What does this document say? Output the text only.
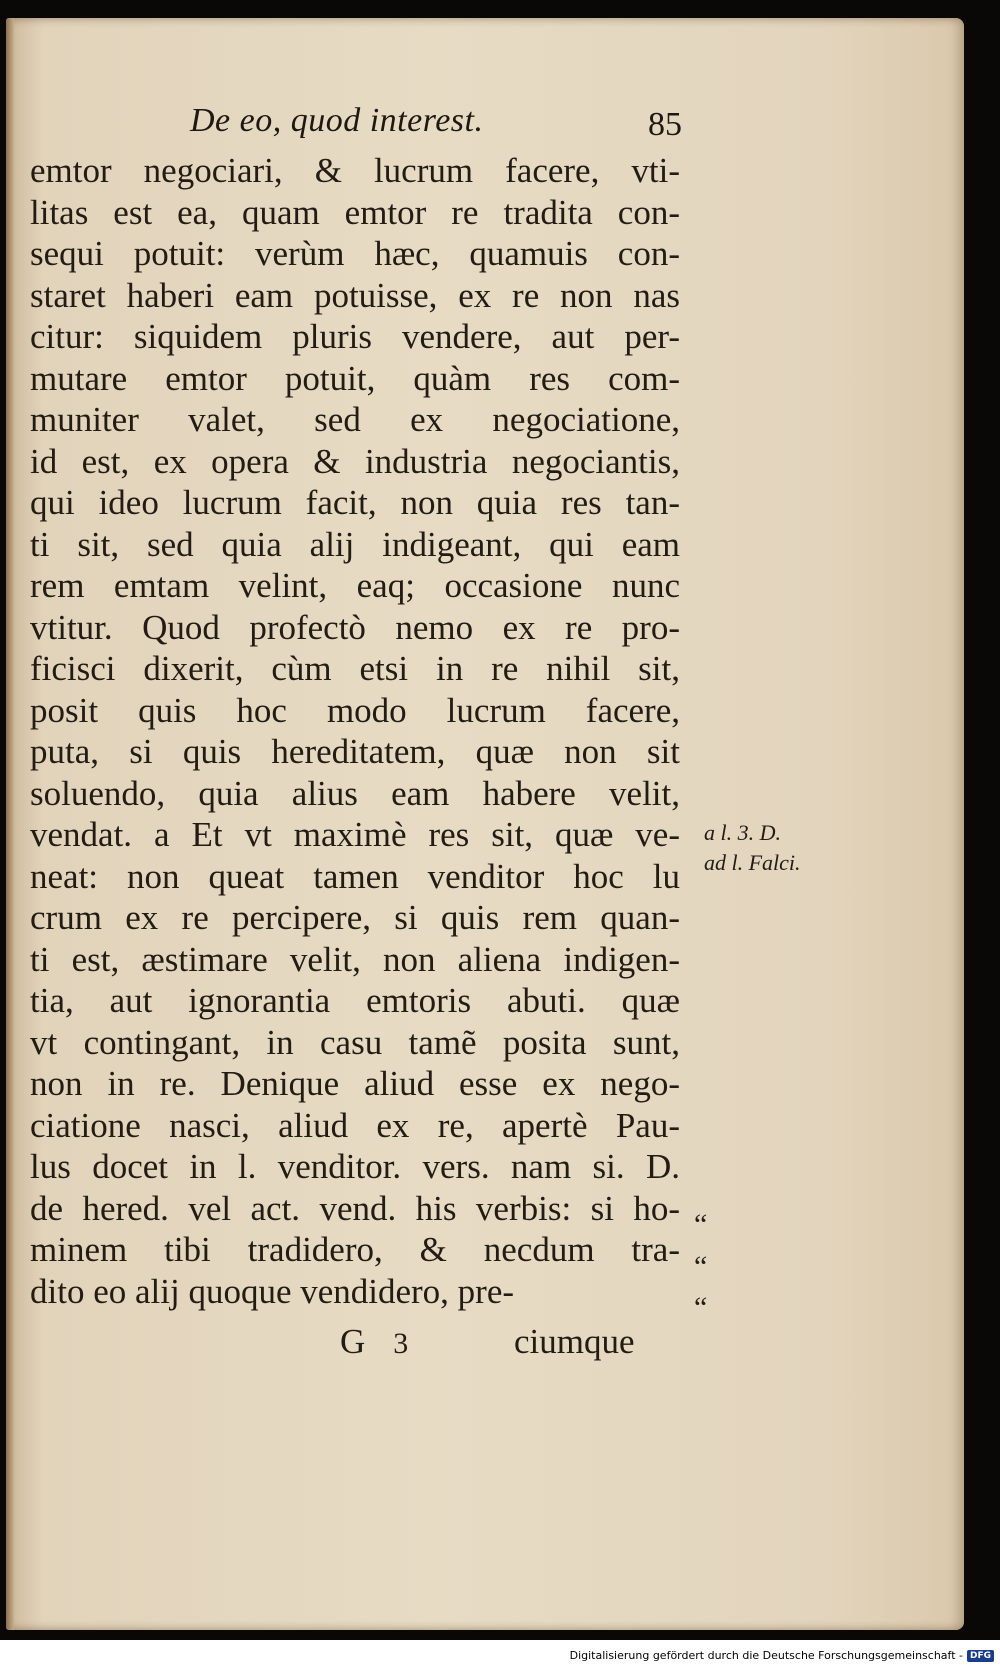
De eo, quod interest.	85
emtor negociari, & lucrum facere, vti-
litas est ea, quam emtor re tradita con-
sequi potuit: verùm hæc, quamuis con-
staret haberi eam potuisse, ex re non nas
citur: siquidem pluris vendere, aut per-
mutare emtor potuit, quàm res com-
muniter valet, sed ex negociatione,
id est, ex opera & industria negociantis,
qui ideo lucrum facit, non quia res tan-
ti sit, sed quia alij indigeant, qui eam
rem emtam velint, eaq; occasione nunc
vtitur. Quod profectò nemo ex re pro-
ficisci dixerit, cùm etsi in re nihil sit,
posit quis hoc modo lucrum facere,
puta, si quis hereditatem, quæ non sit
soluendo, quia alius eam habere velit,
vendat. a Et vt maximè res sit, quæ ve-
neat: non queat tamen venditor hoc lu
crum ex re percipere, si quis rem quan-
ti est, æstimare velit, non aliena indigen-
tia, aut ignorantia emtoris abuti. quæ
vt contingant, in casu tamẽ posita sunt,
non in re. Denique aliud esse ex nego-
ciatione nasci, aliud ex re, apertè Pau-
lus docet in l. venditor. vers. nam si. D.
de hered. vel act. vend. his verbis: si ho-
minem tibi tradidero, & necdum tra-
dito eo alij quoque vendidero, pre-
a l. 3. D.
ad l. Falci.
“
“
“
G 3	ciumque
Digitalisierung gefördert durch die Deutsche Forschungsgemeinschaft - DFG
